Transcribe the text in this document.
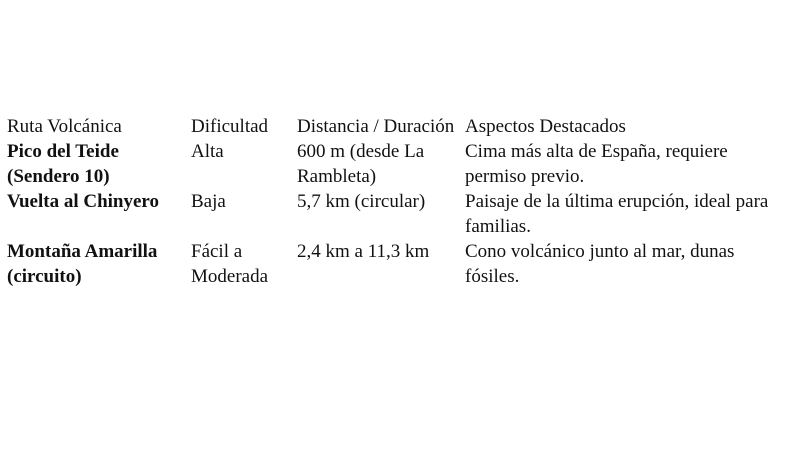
Ruta Volcánica	Dificultad	Distancia / Duración	Aspectos Destacados
Pico del Teide (Sendero 10)	Alta	600 m (desde La Rambleta)	Cima más alta de España, requiere permiso previo.
Vuelta al Chinyero	Baja	5,7 km (circular)	Paisaje de la última erupción, ideal para familias.
Montaña Amarilla (circuito)	Fácil a Moderada	2,4 km a 11,3 km	Cono volcánico junto al mar, dunas fósiles.
